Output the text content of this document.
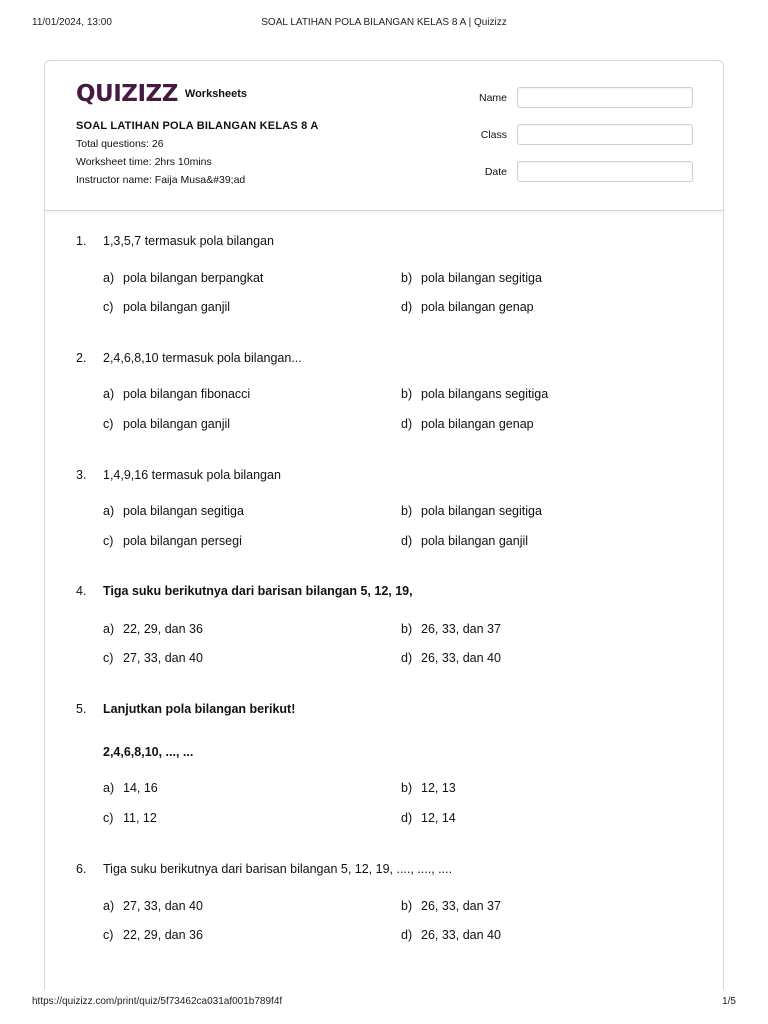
11/01/2024, 13:00	SOAL LATIHAN POLA BILANGAN KELAS 8 A | Quizizz
QUIZIZZ Worksheets
SOAL LATIHAN POLA BILANGAN KELAS 8 A
Total questions: 26
Worksheet time: 2hrs 10mins
Instructor name: Faija Musa&#39;ad
Name
Class
Date
1. 1,3,5,7 termasuk pola bilangan
a) pola bilangan berpangkat	b) pola bilangan segitiga
c) pola bilangan ganjil	d) pola bilangan genap
2. 2,4,6,8,10 termasuk pola bilangan...
a) pola bilangan fibonacci	b) pola bilangans segitiga
c) pola bilangan ganjil	d) pola bilangan genap
3. 1,4,9,16 termasuk pola bilangan
a) pola bilangan segitiga	b) pola bilangan segitiga
c) pola bilangan persegi	d) pola bilangan ganjil
4. Tiga suku berikutnya dari barisan bilangan 5, 12, 19,
a) 22, 29, dan 36	b) 26, 33, dan 37
c) 27, 33, dan 40	d) 26, 33, dan 40
5. Lanjutkan pola bilangan berikut!
2,4,6,8,10, ..., ...
a) 14, 16	b) 12, 13
c) 11, 12	d) 12, 14
6. Tiga suku berikutnya dari barisan bilangan 5, 12, 19, ...., ...., ....
a) 27, 33, dan 40	b) 26, 33, dan 37
c) 22, 29, dan 36	d) 26, 33, dan 40
https://quizizz.com/print/quiz/5f73462ca031af001b789f4f	1/5
